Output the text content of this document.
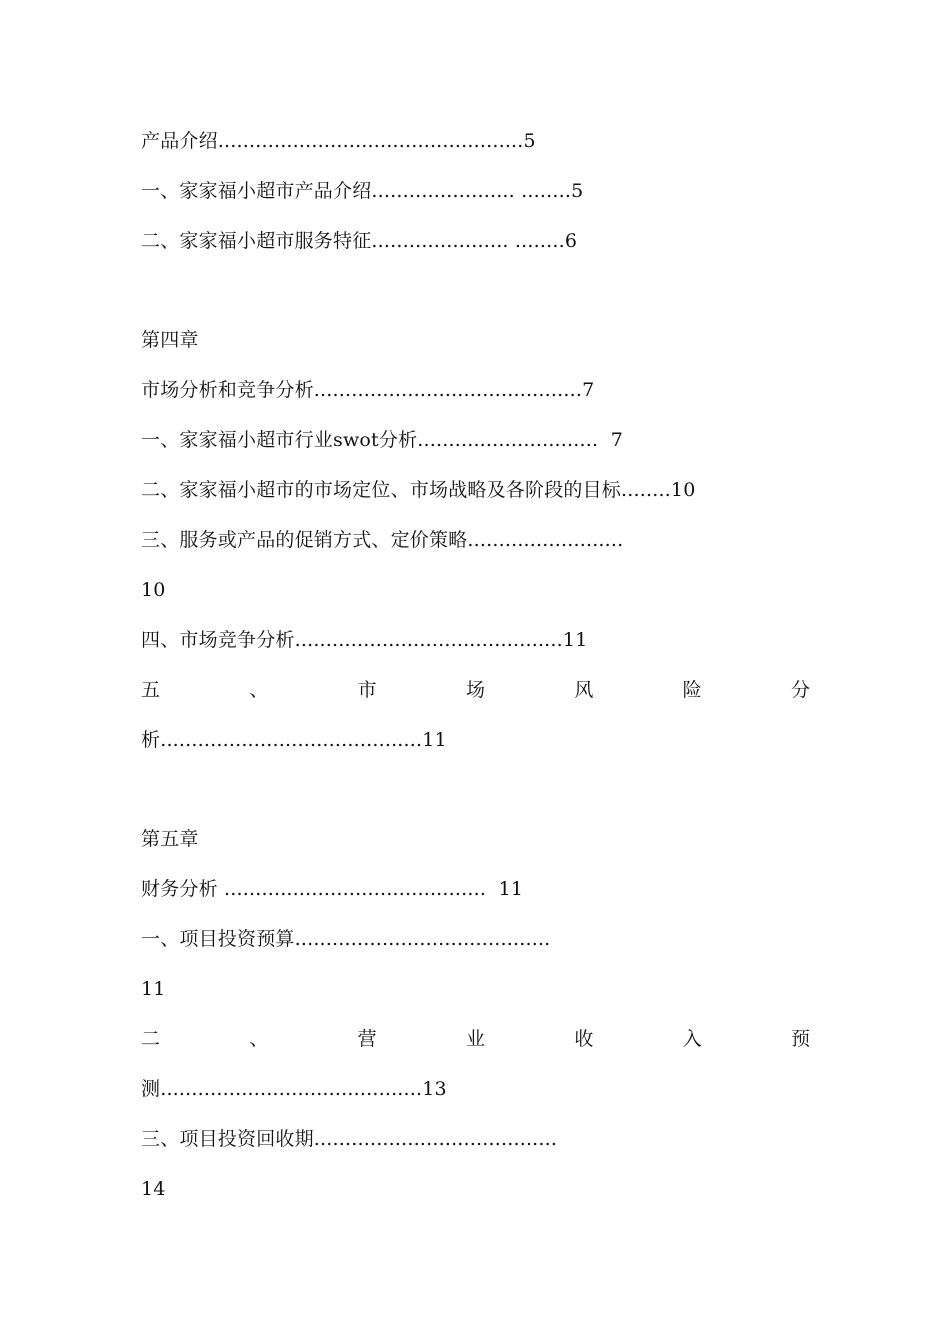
产品介绍.................................................5
一、家家福小超市产品介绍....................... ........5
二、家家福小超市服务特征...................... ........6
第四章
市场分析和竞争分析...........................................7
一、家家福小超市行业swot分析.............................  7
二、家家福小超市的市场定位、市场战略及各阶段的目标........10
三、服务或产品的促销方式、定价策略.........................
10
四、市场竞争分析...........................................11
五	、	市	场	风	险	分
析..........................................11
第五章
财务分析 ..........................................  11
一、项目投资预算.........................................
11
二	、	营	业	收	入	预
测..........................................13
三、项目投资回收期.......................................
14
